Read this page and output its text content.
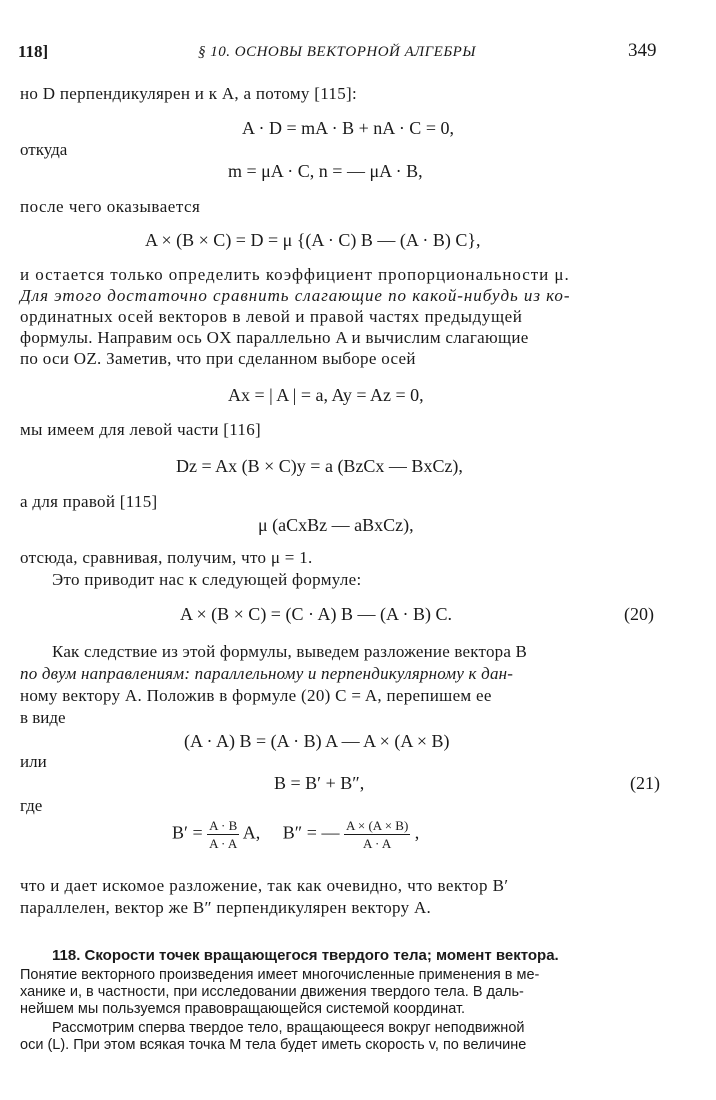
118]	§ 10. ОСНОВЫ ВЕКТОРНОЙ АЛГЕБРЫ	349
но D перпендикулярен и к A, а потому [115]:
A · D = mA · B + nA · C = 0,
откуда
m = μA · C, n = — μA · B,
после чего оказывается
A × (B × C) = D = μ {(A · C) B — (A · B) C},
и остается только определить коэффициент пропорциональности μ.
Для этого достаточно сравнить слагающие по какой-нибудь из ко-
ординатных осей векторов в левой и правой частях предыдущей
формулы. Направим ось OX параллельно A и вычислим слагающие
по оси OZ. Заметив, что при сделанном выборе осей
Ax = | A | = a, Ay = Az = 0,
мы имеем для левой части [116]
Dz = Ax (B × C)y = a (BzCx — BxCz),
а для правой [115]
μ (aCxBz — aBxCz),
отсюда, сравнивая, получим, что μ = 1.
Это приводит нас к следующей формуле:
A × (B × C) = (C · A) B — (A · B) C.	(20)
Как следствие из этой формулы, выведем разложение вектора B
по двум направлениям: параллельному и перпендикулярному к дан-
ному вектору A. Положив в формуле (20) C = A, перепишем ее
в виде
(A · A) B = (A · B) A — A × (A × B)
или
B = B′ + B″,	(21)
где
$B' = \frac{A \cdot B}{A \cdot A} A$,     B″ = — $\frac{A \times (A \times B)}{A \cdot A}$ ,
что и дает искомое разложение, так как очевидно, что вектор B′
параллелен, вектор же B″ перпендикулярен вектору A.
118. Скорости точек вращающегося твердого тела; момент вектора.
Понятие векторного произведения имеет многочисленные применения в ме-
ханике и, в частности, при исследовании движения твердого тела. В даль-
нейшем мы пользуемся правовращающейся системой координат.
Рассмотрим сперва твердое тело, вращающееся вокруг неподвижной
оси (L). При этом всякая точка M тела будет иметь скорость v, по величине
